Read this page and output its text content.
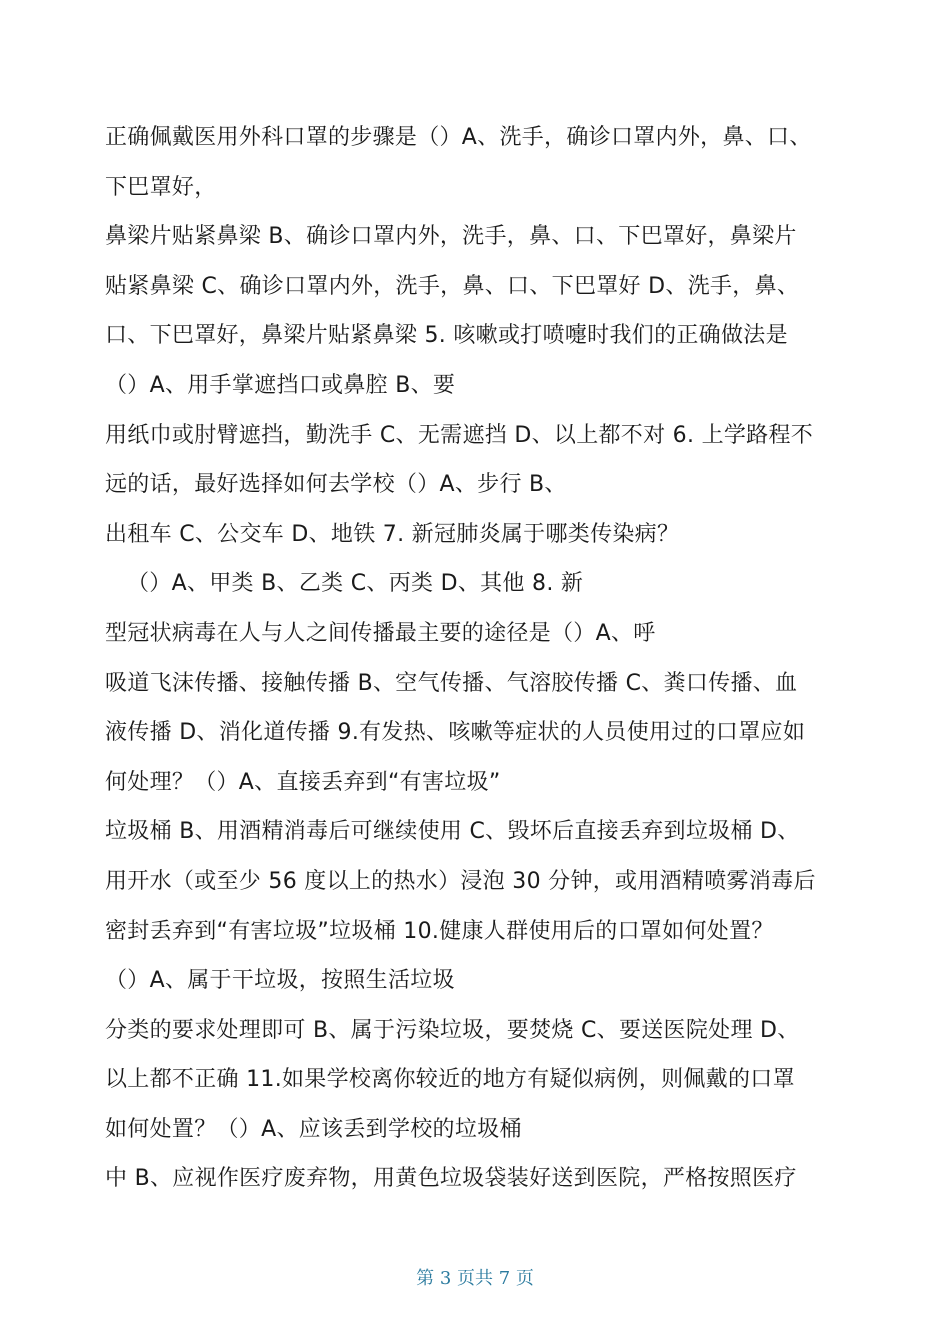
正确佩戴医用外科口罩的步骤是（）A、洗手，确诊口罩内外，鼻、口、
下巴罩好，
鼻梁片贴紧鼻梁 B、确诊口罩内外，洗手，鼻、口、下巴罩好，鼻梁片
贴紧鼻梁 C、确诊口罩内外，洗手，鼻、口、下巴罩好 D、洗手，鼻、
口、下巴罩好，鼻梁片贴紧鼻梁 5. 咳嗽或打喷嚏时我们的正确做法是
（）A、用手掌遮挡口或鼻腔 B、要
用纸巾或肘臂遮挡，勤洗手 C、无需遮挡 D、以上都不对 6. 上学路程不
远的话，最好选择如何去学校（）A、步行 B、
出租车 C、公交车 D、地铁 7. 新冠肺炎属于哪类传染病？
（）A、甲类 B、乙类 C、丙类 D、其他 8. 新
型冠状病毒在人与人之间传播最主要的途径是（）A、呼
吸道飞沫传播、接触传播 B、空气传播、气溶胶传播 C、粪口传播、血
液传播 D、消化道传播 9.有发热、咳嗽等症状的人员使用过的口罩应如
何处理？（）A、直接丢弃到“有害垃圾”
垃圾桶 B、用酒精消毒后可继续使用 C、毁坏后直接丢弃到垃圾桶 D、
用开水（或至少 56 度以上的热水）浸泡 30 分钟，或用酒精喷雾消毒后
密封丢弃到“有害垃圾”垃圾桶 10.健康人群使用后的口罩如何处置？
（）A、属于干垃圾，按照生活垃圾
分类的要求处理即可 B、属于污染垃圾，要焚烧 C、要送医院处理 D、
以上都不正确 11.如果学校离你较近的地方有疑似病例，则佩戴的口罩
如何处置？（）A、应该丢到学校的垃圾桶
中 B、应视作医疗废弃物，用黄色垃圾袋装好送到医院，严格按照医疗
第 3 页共 7 页
